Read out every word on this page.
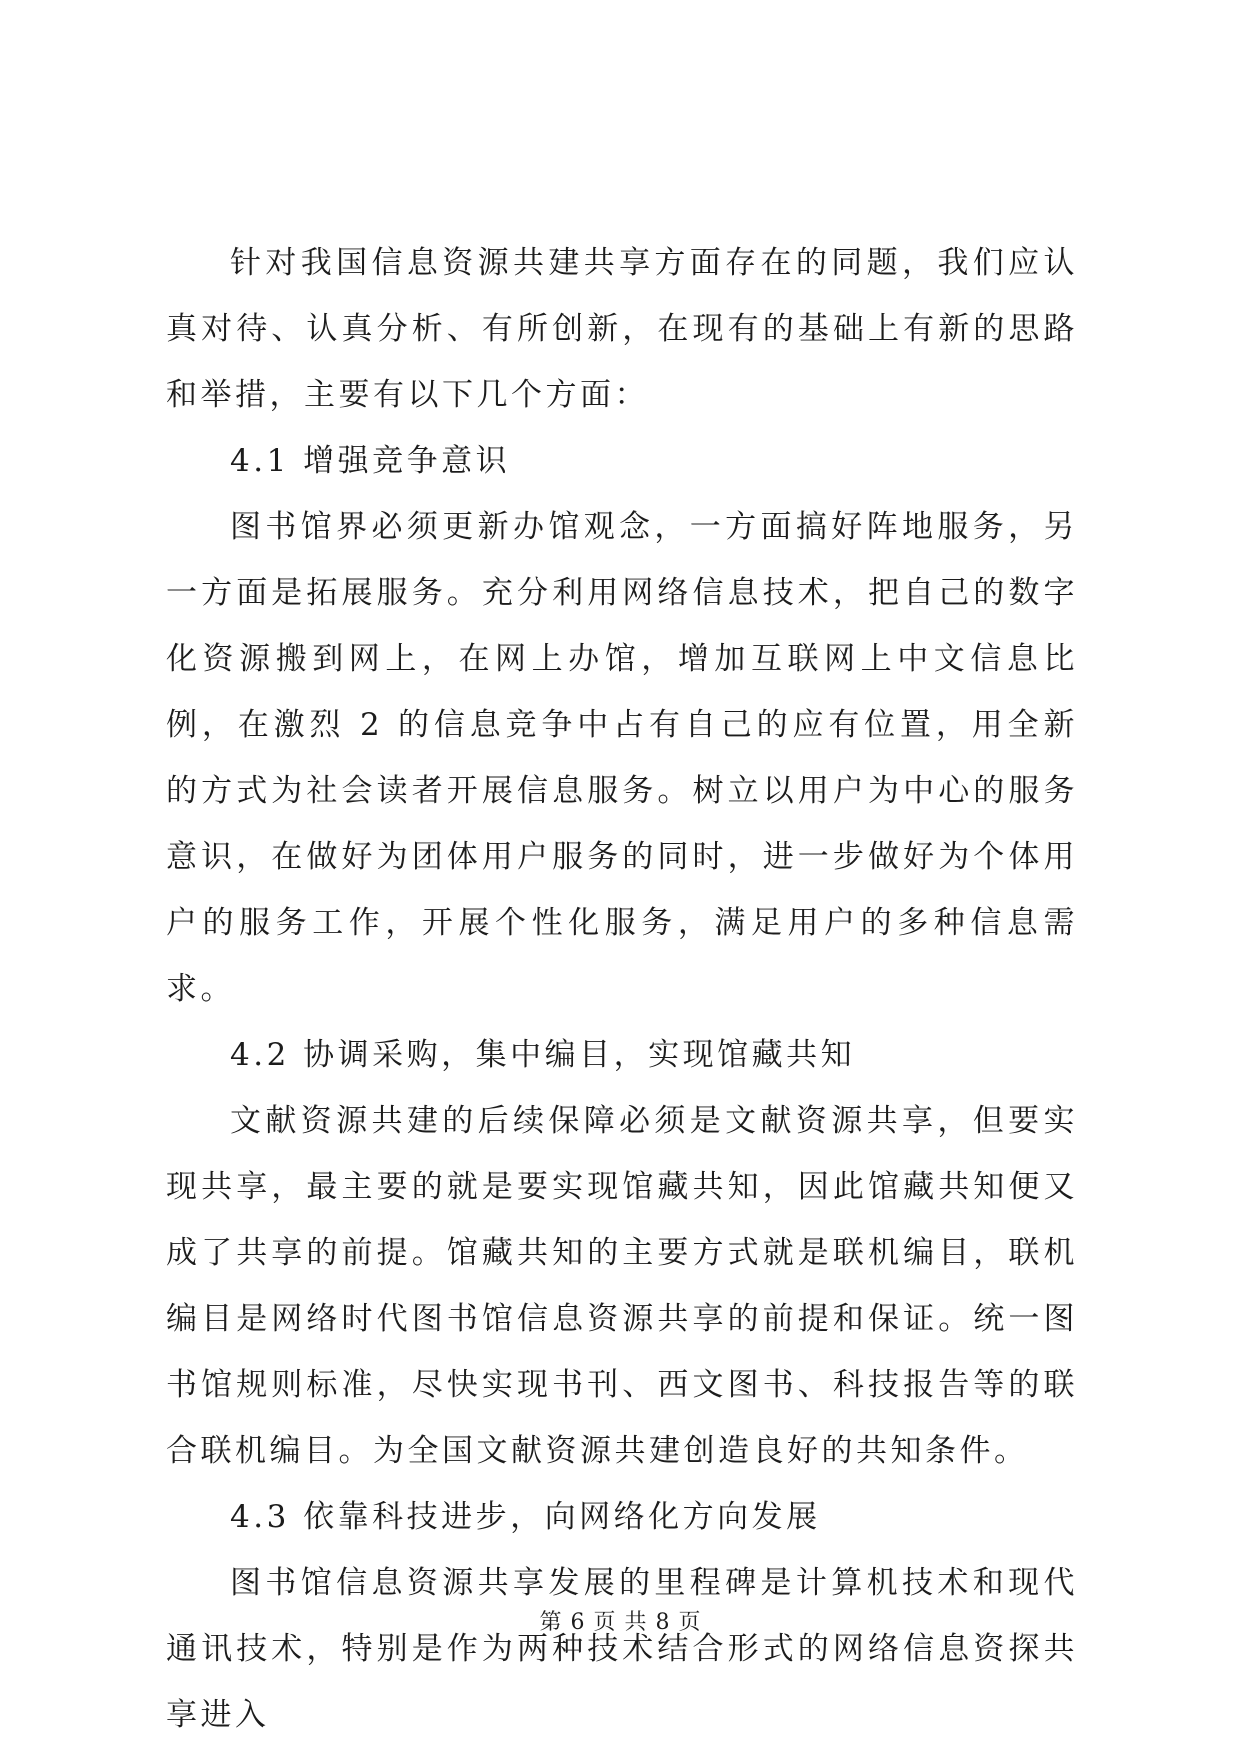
针对我国信息资源共建共享方面存在的同题，我们应认真对待、认真分析、有所创新，在现有的基础上有新的思路和举措，主要有以下几个方面：

4.1 增强竞争意识

图书馆界必须更新办馆观念，一方面搞好阵地服务，另一方面是拓展服务。充分利用网络信息技术，把自己的数字化资源搬到网上，在网上办馆，增加互联网上中文信息比例，在激烈 2 的信息竞争中占有自己的应有位置，用全新的方式为社会读者开展信息服务。树立以用户为中心的服务意识，在做好为团体用户服务的同时，进一步做好为个体用户的服务工作，开展个性化服务，满足用户的多种信息需求。

4.2 协调采购，集中编目，实现馆藏共知

文献资源共建的后续保障必须是文献资源共享，但要实现共享，最主要的就是要实现馆藏共知，因此馆藏共知便又成了共享的前提。馆藏共知的主要方式就是联机编目，联机编目是网络时代图书馆信息资源共享的前提和保证。统一图书馆规则标准，尽快实现书刊、西文图书、科技报告等的联合联机编目。为全国文献资源共建创造良好的共知条件。

4.3 依靠科技进步，向网络化方向发展

图书馆信息资源共享发展的里程碑是计算机技术和现代通讯技术，特别是作为两种技术结合形式的网络信息资探共享进入

第 6 页 共 8 页
